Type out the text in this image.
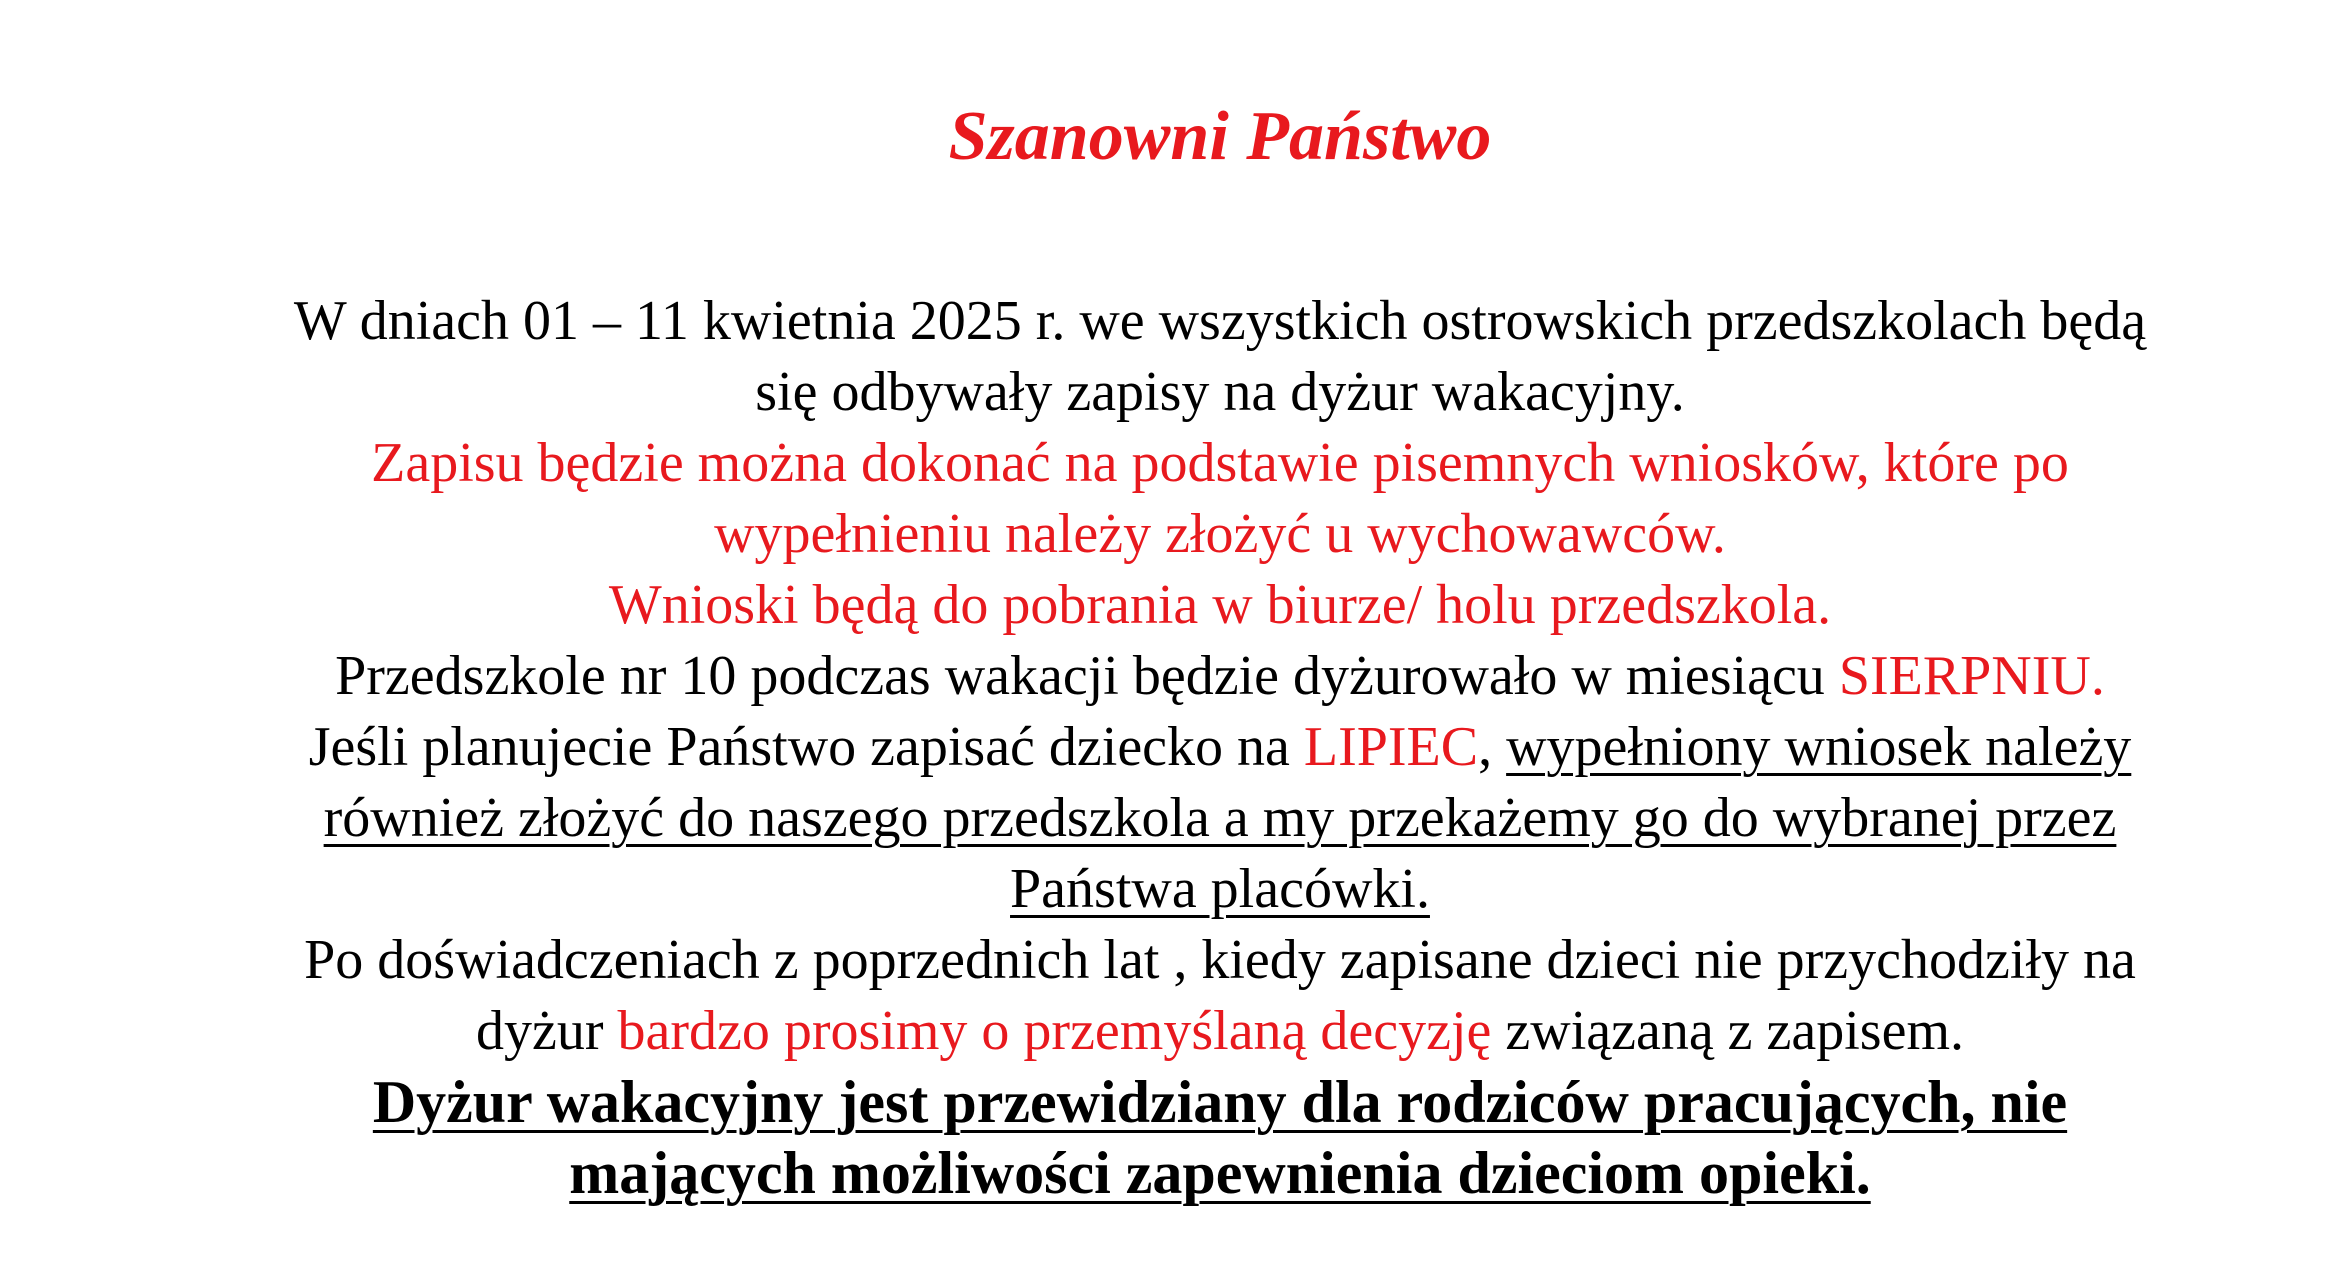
Szanowni Państwo
W dniach 01 – 11 kwietnia 2025 r. we wszystkich ostrowskich przedszkolach będą
się odbywały zapisy na dyżur wakacyjny.
Zapisu będzie można dokonać na podstawie pisemnych wniosków, które po
wypełnieniu należy złożyć u wychowawców.
Wnioski będą do pobrania w biurze/ holu przedszkola.
Przedszkole nr 10 podczas wakacji będzie dyżurowało w miesiącu SIERPNIU.
Jeśli planujecie Państwo zapisać dziecko na LIPIEC, wypełniony wniosek należy
również złożyć do naszego przedszkola a my przekażemy go do wybranej przez
Państwa placówki.
Po doświadczeniach z poprzednich lat , kiedy zapisane dzieci nie przychodziły na
dyżur bardzo prosimy o przemyślaną decyzję związaną z zapisem.
Dyżur wakacyjny jest przewidziany dla rodziców pracujących, nie
mających możliwości zapewnienia dzieciom opieki.
